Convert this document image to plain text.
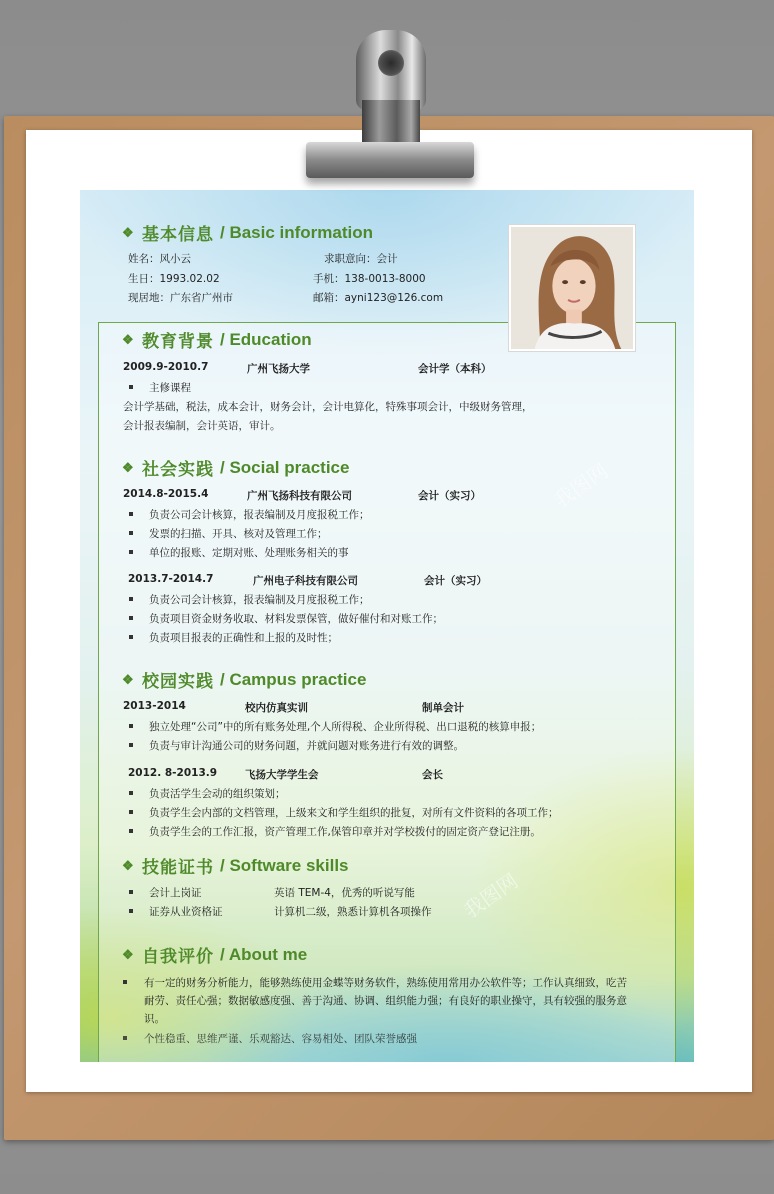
我图网
我图网
❖ 基本信息 / Basic information
姓名：风小云	求职意向：会计
生日：1993.02.02	手机：138-0013-8000
现居地：广东省广州市	邮箱：ayni123@126.com
❖ 教育背景 / Education
2009.9-2010.7	广州飞扬大学	会计学（本科）
主修课程
会计学基础，税法，成本会计，财务会计，会计电算化，特殊事项会计，中级财务管理，
会计报表编制，会计英语，审计。
❖ 社会实践 / Social practice
2014.8-2015.4	广州飞扬科技有限公司	会计（实习）
负责公司会计核算，报表编制及月度报税工作；
发票的扫描、开具、核对及管理工作；
单位的报账、定期对账、处理账务相关的事
2013.7-2014.7	广州电子科技有限公司	会计（实习）
负责公司会计核算，报表编制及月度报税工作；
负责项目资金财务收取、材料发票保管，做好催付和对账工作；
负责项目报表的正确性和上报的及时性；
❖ 校园实践 / Campus practice
2013-2014	校内仿真实训	制单会计
独立处理“公司”中的所有账务处理,个人所得税、企业所得税、出口退税的核算申报；
负责与审计沟通公司的财务问题，并就问题对账务进行有效的调整。
2012. 8-2013.9	飞扬大学学生会	会长
负责活学生会动的组织策划；
负责学生会内部的文档管理，上级来文和学生组织的批复，对所有文件资料的各项工作；
负责学生会的工作汇报，资产管理工作,保管印章并对学校拨付的固定资产登记注册。
❖ 技能证书 / Software skills
会计上岗证	英语 TEM-4，优秀的听说写能
证券从业资格证	计算机二级，熟悉计算机各项操作
❖ 自我评价 / About me
有一定的财务分析能力，能够熟练使用金蝶等财务软件，熟练使用常用办公软件等；工作认真细致，吃苦
耐劳、责任心强；数据敏感度强、善于沟通、协调、组织能力强；有良好的职业操守，具有较强的服务意
识。
个性稳重、思维严谨、乐观豁达、容易相处、团队荣誉感强
